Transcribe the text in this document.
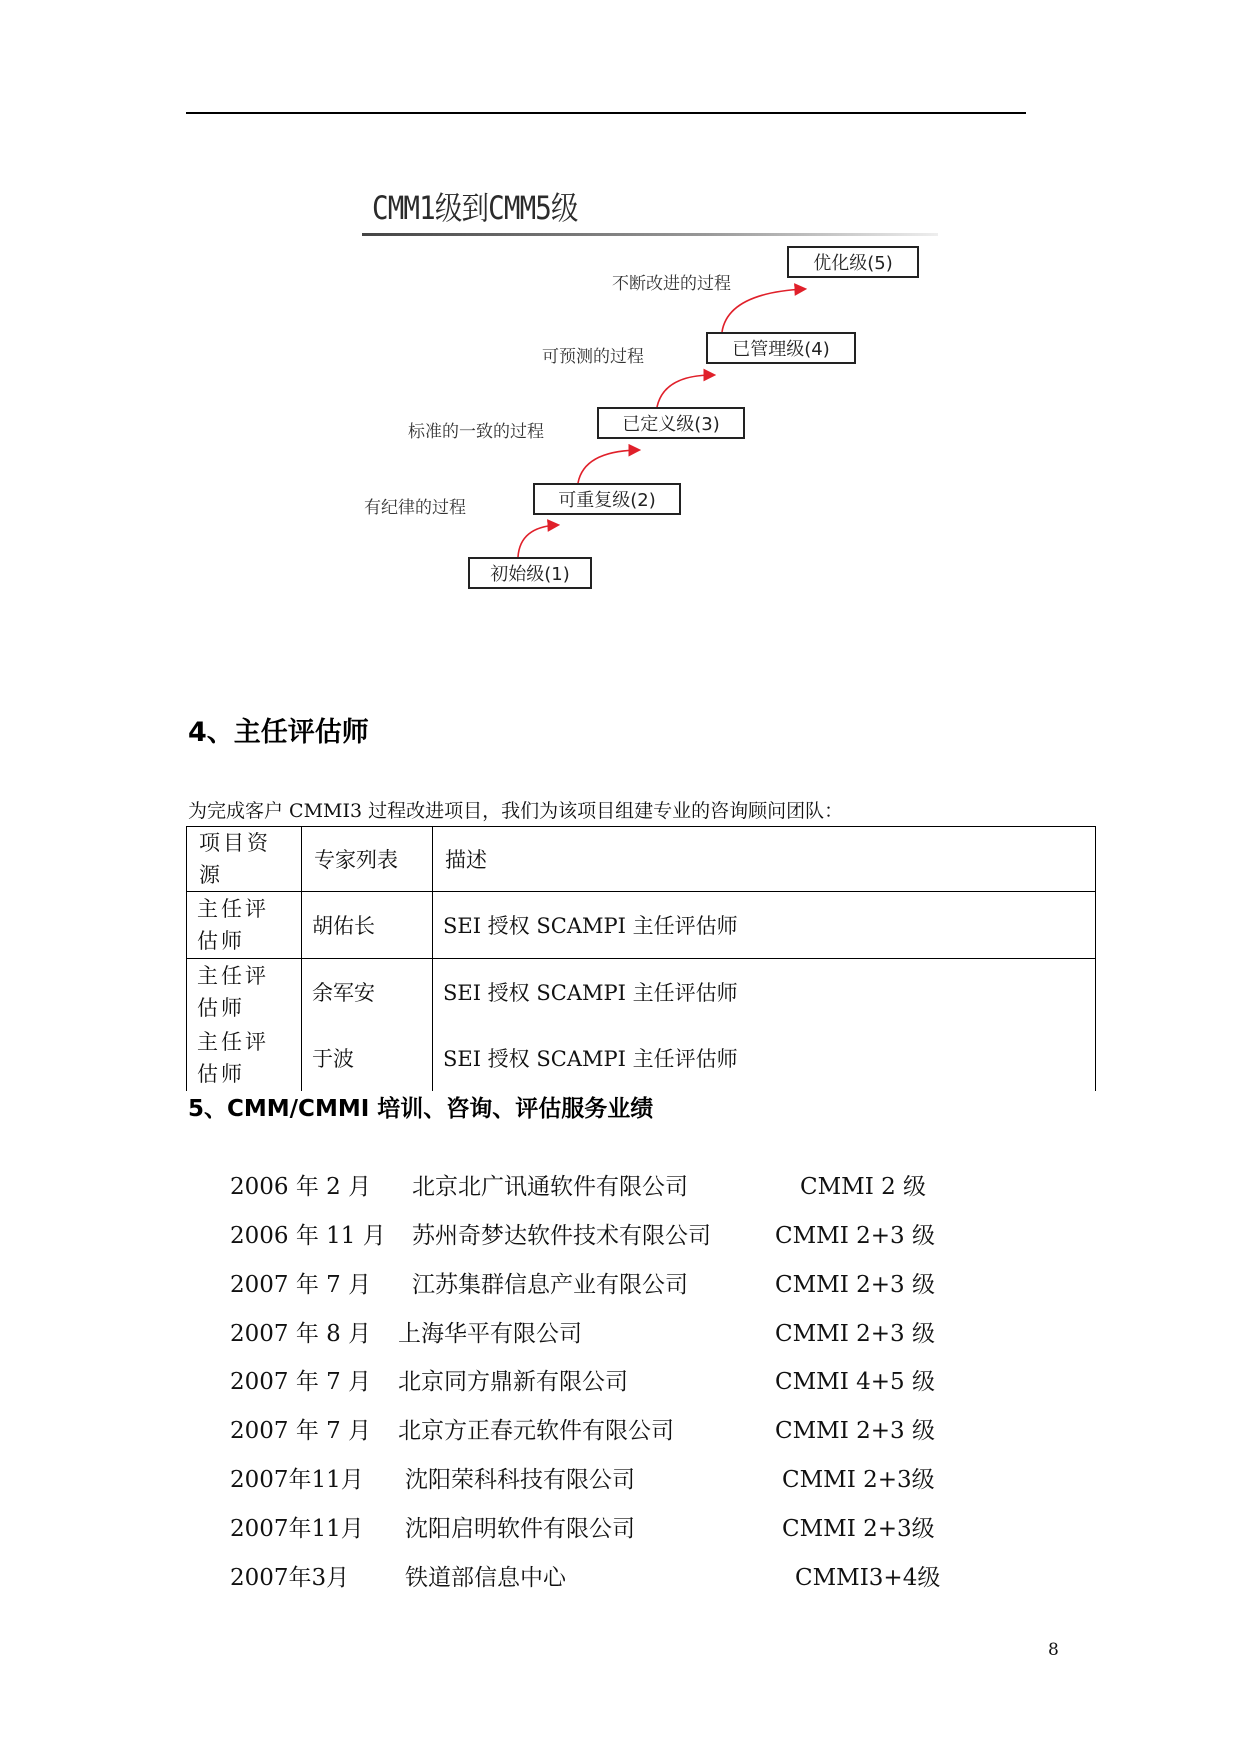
CMM1级到CMM5级
初始级(1)
可重复级(2)
有纪律的过程
已定义级(3)
标准的一致的过程
已管理级(4)
可预测的过程
优化级(5)
不断改进的过程
4、主任评估师
为完成客户 CMMI3 过程改进项目，我们为该项目组建专业的咨询顾问团队：
项目资源	专家列表	描述
主任评估师	胡佑长	SEI 授权 SCAMPI 主任评估师
主任评估师	余军安	SEI 授权 SCAMPI 主任评估师
主任评估师	于波	SEI 授权 SCAMPI 主任评估师
5、CMM/CMMI 培训、咨询、评估服务业绩
2006 年 2 月 北京北广讯通软件有限公司	CMMI 2 级
2006 年 11 月 苏州奇梦达软件技术有限公司	CMMI 2+3 级
2007 年 7 月 江苏集群信息产业有限公司	CMMI 2+3 级
2007 年 8 月 上海华平有限公司	CMMI 2+3 级
2007 年 7 月 北京同方鼎新有限公司	CMMI 4+5 级
2007 年 7 月 北京方正春元软件有限公司	CMMI 2+3 级
2007年11月 沈阳荣科科技有限公司	CMMI 2+3级
2007年11月 沈阳启明软件有限公司	CMMI 2+3级
2007年3月 铁道部信息中心	CMMI3+4级
8
